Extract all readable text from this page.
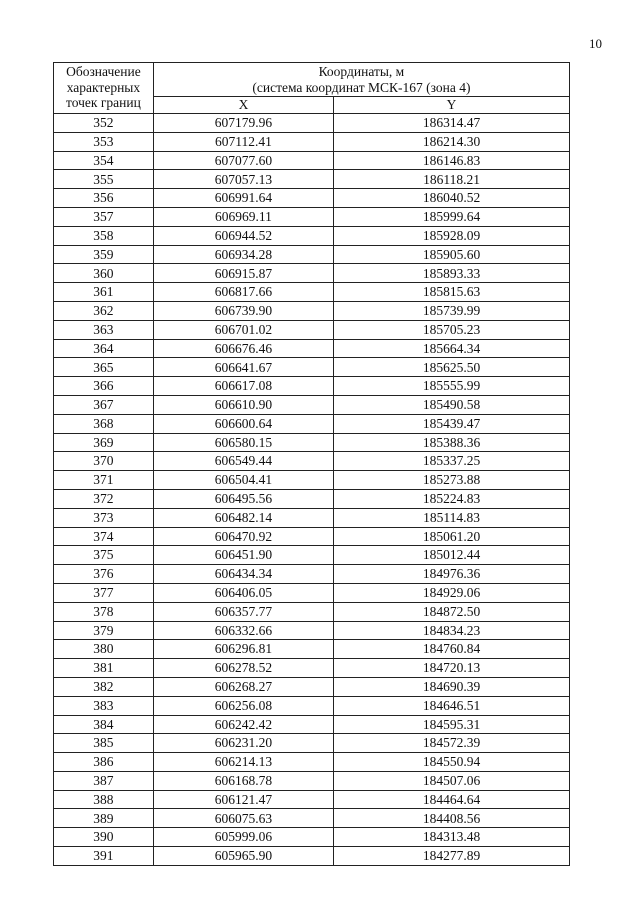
10
Обозначение
характерных
точек границ	Координаты, м	
	(система координат МСК-167 (зона 4)	
	X	Y
352	607179.96	186314.47
353	607112.41	186214.30
354	607077.60	186146.83
355	607057.13	186118.21
356	606991.64	186040.52
357	606969.11	185999.64
358	606944.52	185928.09
359	606934.28	185905.60
360	606915.87	185893.33
361	606817.66	185815.63
362	606739.90	185739.99
363	606701.02	185705.23
364	606676.46	185664.34
365	606641.67	185625.50
366	606617.08	185555.99
367	606610.90	185490.58
368	606600.64	185439.47
369	606580.15	185388.36
370	606549.44	185337.25
371	606504.41	185273.88
372	606495.56	185224.83
373	606482.14	185114.83
374	606470.92	185061.20
375	606451.90	185012.44
376	606434.34	184976.36
377	606406.05	184929.06
378	606357.77	184872.50
379	606332.66	184834.23
380	606296.81	184760.84
381	606278.52	184720.13
382	606268.27	184690.39
383	606256.08	184646.51
384	606242.42	184595.31
385	606231.20	184572.39
386	606214.13	184550.94
387	606168.78	184507.06
388	606121.47	184464.64
389	606075.63	184408.56
390	605999.06	184313.48
391	605965.90	184277.89
